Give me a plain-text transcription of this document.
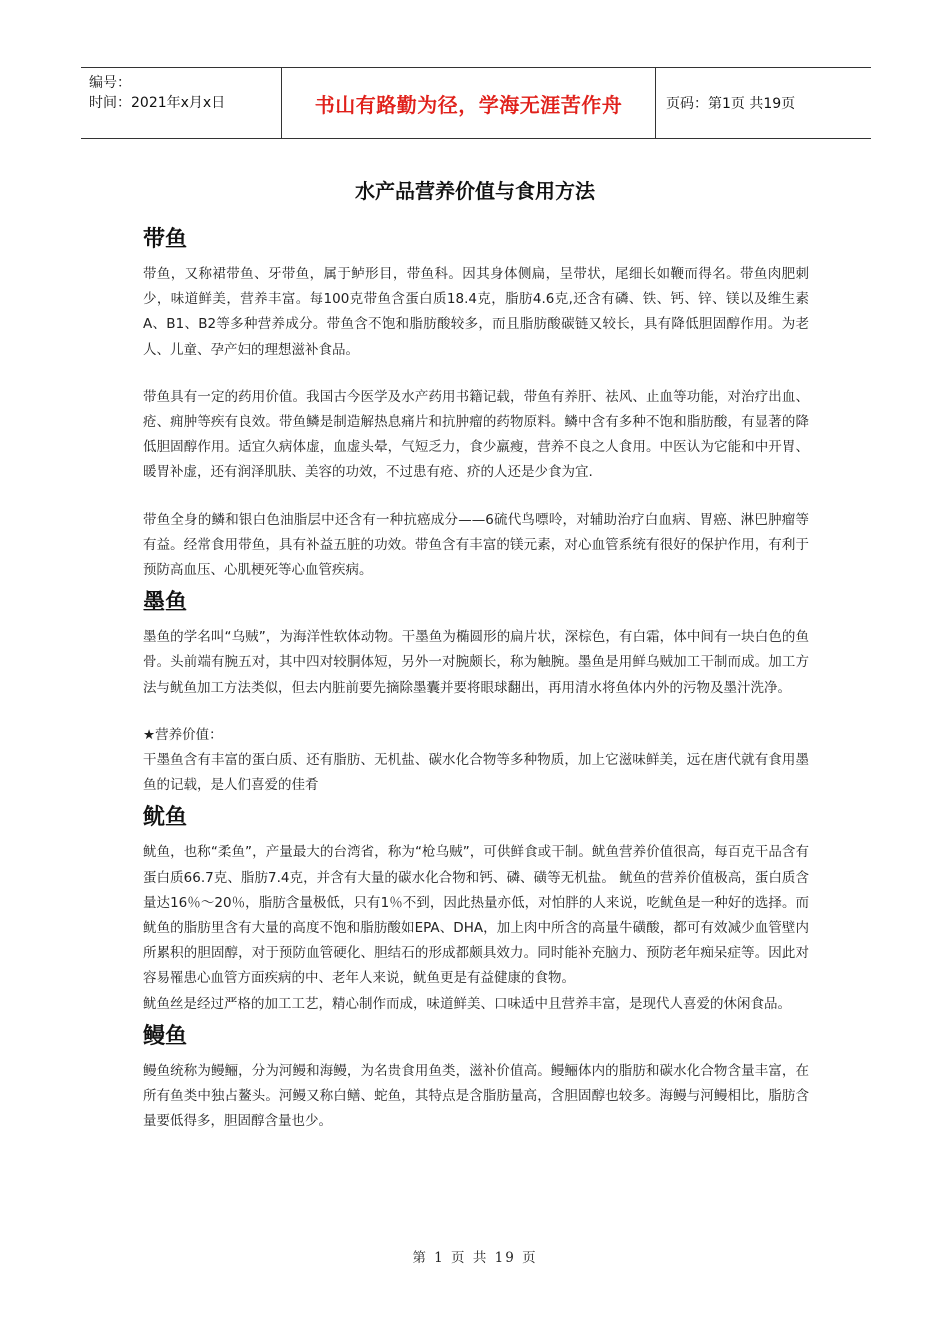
编号：
时间：2021年x月x日	书山有路勤为径，学海无涯苦作舟	页码：第1页 共19页
水产品营养价值与食用方法
带鱼

带鱼，又称裙带鱼、牙带鱼，属于鲈形目，带鱼科。因其身体侧扁，呈带状，尾细长如鞭而得名。带鱼肉肥刺少，味道鲜美，营养丰富。每100克带鱼含蛋白质18.4克，脂肪4.6克,还含有磷、铁、钙、锌、镁以及维生素A、B1、B2等多种营养成分。带鱼含不饱和脂肪酸较多，而且脂肪酸碳链又较长，具有降低胆固醇作用。为老人、儿童、孕产妇的理想滋补食品。

带鱼具有一定的药用价值。我国古今医学及水产药用书籍记载，带鱼有养肝、祛风、止血等功能，对治疗出血、疮、痈肿等疾有良效。带鱼鳞是制造解热息痛片和抗肿瘤的药物原料。鳞中含有多种不饱和脂肪酸，有显著的降低胆固醇作用。适宜久病体虚，血虚头晕，气短乏力，食少羸瘦，营养不良之人食用。中医认为它能和中开胃、暖胃补虚，还有润泽肌肤、美容的功效，不过患有疮、疥的人还是少食为宜.

带鱼全身的鳞和银白色油脂层中还含有一种抗癌成分——6硫代鸟嘌呤，对辅助治疗白血病、胃癌、淋巴肿瘤等有益。经常食用带鱼，具有补益五脏的功效。带鱼含有丰富的镁元素，对心血管系统有很好的保护作用，有利于预防高血压、心肌梗死等心血管疾病。

墨鱼

墨鱼的学名叫“乌贼”，为海洋性软体动物。干墨鱼为椭圆形的扁片状，深棕色，有白霜，体中间有一块白色的鱼骨。头前端有腕五对，其中四对较胴体短，另外一对腕颇长，称为触腕。墨鱼是用鲜乌贼加工干制而成。加工方法与鱿鱼加工方法类似，但去内脏前要先摘除墨囊并要将眼球翻出，再用清水将鱼体内外的污物及墨汁洗净。

★营养价值：
干墨鱼含有丰富的蛋白质、还有脂肪、无机盐、碳水化合物等多种物质，加上它滋味鲜美，远在唐代就有食用墨鱼的记载，是人们喜爱的佳肴

鱿鱼

鱿鱼，也称“柔鱼”，产量最大的台湾省，称为“枪乌贼”，可供鲜食或干制。鱿鱼营养价值很高，每百克干品含有蛋白质66.7克、脂肪7.4克，并含有大量的碳水化合物和钙、磷、磺等无机盐。 鱿鱼的营养价值极高，蛋白质含量达16％～20％，脂肪含量极低，只有1％不到，因此热量亦低，对怕胖的人来说，吃鱿鱼是一种好的选择。而鱿鱼的脂肪里含有大量的高度不饱和脂肪酸如EPA、DHA，加上肉中所含的高量牛磺酸，都可有效减少血管壁内所累积的胆固醇，对于预防血管硬化、胆结石的形成都颇具效力。同时能补充脑力、预防老年痴呆症等。因此对容易罹患心血管方面疾病的中、老年人来说，鱿鱼更是有益健康的食物。
鱿鱼丝是经过严格的加工工艺，精心制作而成，味道鲜美、口味适中且营养丰富，是现代人喜爱的休闲食品。

鳗鱼

鳗鱼统称为鳗鲡，分为河鳗和海鳗，为名贵食用鱼类，滋补价值高。鳗鲡体内的脂肪和碳水化合物含量丰富，在所有鱼类中独占鳌头。河鳗又称白鳝、蛇鱼，其特点是含脂肪量高，含胆固醇也较多。海鳗与河鳗相比，脂肪含量要低得多，胆固醇含量也少。

第 1 页 共 19 页
